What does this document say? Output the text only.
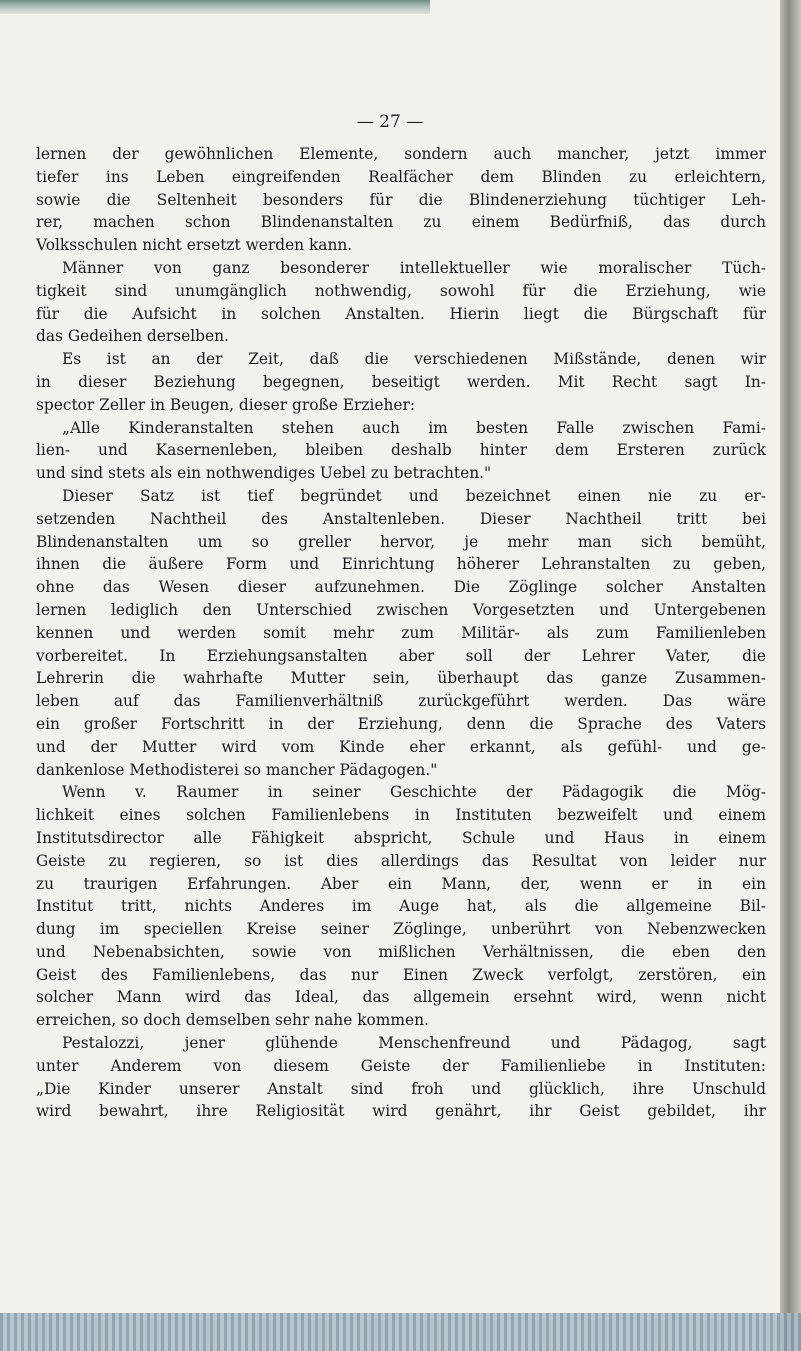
— 27 —
lernen der gewöhnlichen Elemente, sondern auch mancher, jetzt immer
tiefer ins Leben eingreifenden Realfächer dem Blinden zu erleichtern,
sowie die Seltenheit besonders für die Blindenerziehung tüchtiger Leh-
rer, machen schon Blindenanstalten zu einem Bedürfniß, das durch
Volksschulen nicht ersetzt werden kann.
Männer von ganz besonderer intellektueller wie moralischer Tüch-
tigkeit sind unumgänglich nothwendig, sowohl für die Erziehung, wie
für die Aufsicht in solchen Anstalten. Hierin liegt die Bürgschaft für
das Gedeihen derselben.
Es ist an der Zeit, daß die verschiedenen Mißstände, denen wir
in dieser Beziehung begegnen, beseitigt werden. Mit Recht sagt In-
spector Zeller in Beugen, dieser große Erzieher:
„Alle Kinderanstalten stehen auch im besten Falle zwischen Fami-
lien- und Kasernenleben, bleiben deshalb hinter dem Ersteren zurück
und sind stets als ein nothwendiges Uebel zu betrachten."
Dieser Satz ist tief begründet und bezeichnet einen nie zu er-
setzenden Nachtheil des Anstaltenleben. Dieser Nachtheil tritt bei
Blindenanstalten um so greller hervor, je mehr man sich bemüht,
ihnen die äußere Form und Einrichtung höherer Lehranstalten zu geben,
ohne das Wesen dieser aufzunehmen. Die Zöglinge solcher Anstalten
lernen lediglich den Unterschied zwischen Vorgesetzten und Untergebenen
kennen und werden somit mehr zum Militär- als zum Familienleben
vorbereitet. In Erziehungsanstalten aber soll der Lehrer Vater, die
Lehrerin die wahrhafte Mutter sein, überhaupt das ganze Zusammen-
leben auf das Familienverhältniß zurückgeführt werden. Das wäre
ein großer Fortschritt in der Erziehung, denn die Sprache des Vaters
und der Mutter wird vom Kinde eher erkannt, als gefühl- und ge-
dankenlose Methodisterei so mancher Pädagogen."
Wenn v. Raumer in seiner Geschichte der Pädagogik die Mög-
lichkeit eines solchen Familienlebens in Instituten bezweifelt und einem
Institutsdirector alle Fähigkeit abspricht, Schule und Haus in einem
Geiste zu regieren, so ist dies allerdings das Resultat von leider nur
zu traurigen Erfahrungen. Aber ein Mann, der, wenn er in ein
Institut tritt, nichts Anderes im Auge hat, als die allgemeine Bil-
dung im speciellen Kreise seiner Zöglinge, unberührt von Nebenzwecken
und Nebenabsichten, sowie von mißlichen Verhältnissen, die eben den
Geist des Familienlebens, das nur Einen Zweck verfolgt, zerstören, ein
solcher Mann wird das Ideal, das allgemein ersehnt wird, wenn nicht
erreichen, so doch demselben sehr nahe kommen.
Pestalozzi, jener glühende Menschenfreund und Pädagog, sagt
unter Anderem von diesem Geiste der Familienliebe in Instituten:
„Die Kinder unserer Anstalt sind froh und glücklich, ihre Unschuld
wird bewahrt, ihre Religiosität wird genährt, ihr Geist gebildet, ihr
